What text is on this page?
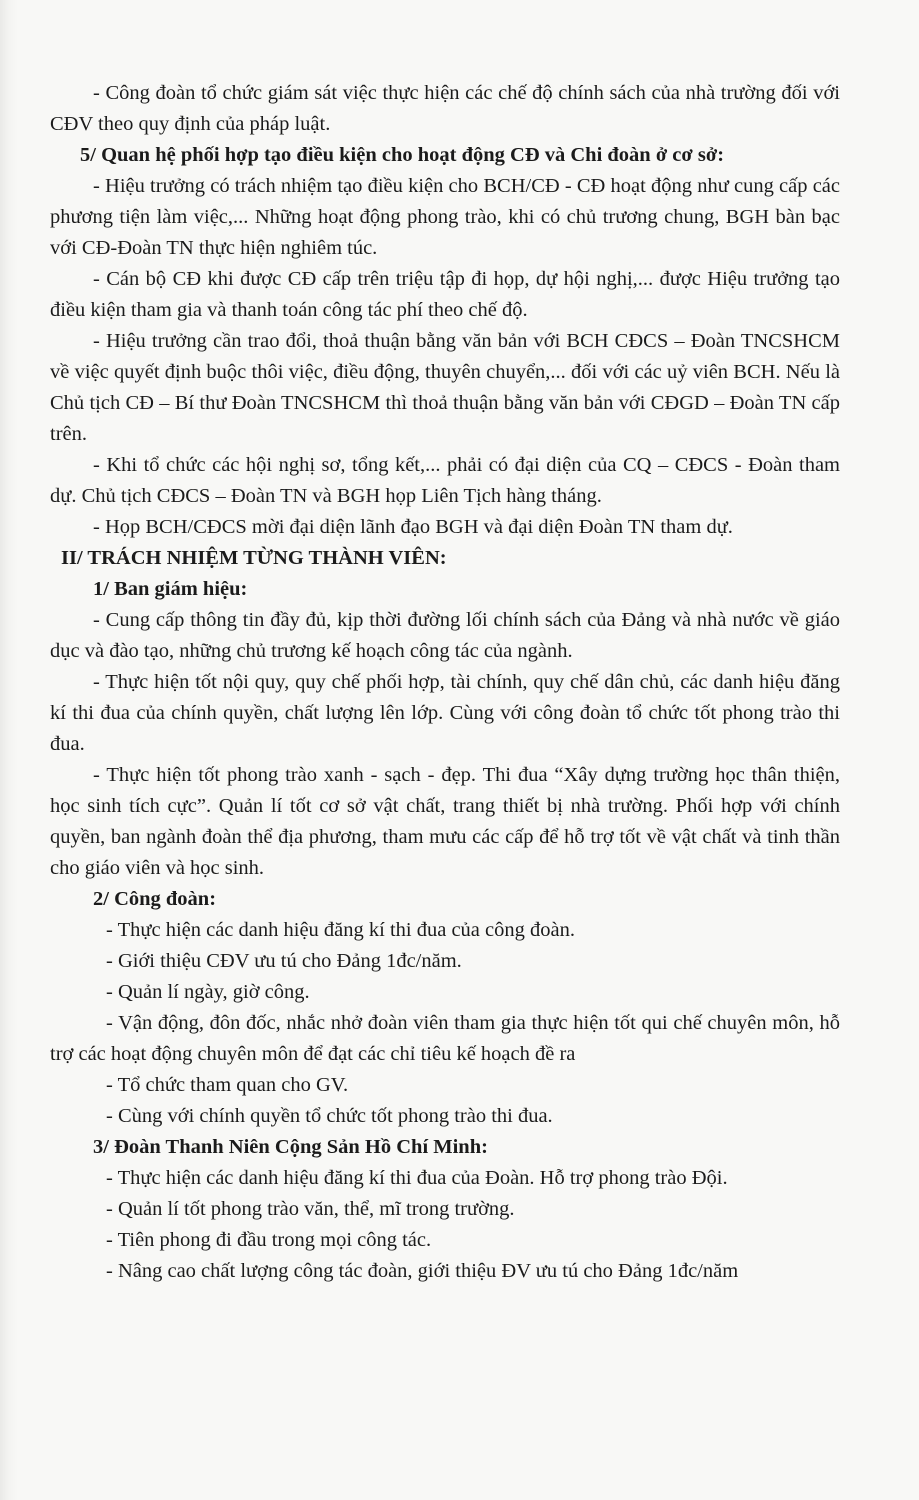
- Công đoàn tổ chức giám sát việc thực hiện các chế độ chính sách của nhà trường đối với CĐV theo quy định của pháp luật.

5/ Quan hệ phối hợp tạo điều kiện cho hoạt động CĐ và Chi đoàn ở cơ sở:

- Hiệu trưởng có trách nhiệm tạo điều kiện cho BCH/CĐ - CĐ hoạt động như cung cấp các phương tiện làm việc,... Những hoạt động phong trào, khi có chủ trương chung, BGH bàn bạc với CĐ-Đoàn TN thực hiện nghiêm túc.

- Cán bộ CĐ khi được CĐ cấp trên triệu tập đi họp, dự hội nghị,... được Hiệu trưởng tạo điều kiện tham gia và thanh toán công tác phí theo chế độ.

- Hiệu trưởng cần trao đổi, thoả thuận bằng văn bản với BCH CĐCS – Đoàn TNCSHCM về việc quyết định buộc thôi việc, điều động, thuyên chuyển,... đối với các uỷ viên BCH. Nếu là Chủ tịch CĐ – Bí thư Đoàn TNCSHCM thì thoả thuận bằng văn bản với CĐGD – Đoàn TN cấp trên.

- Khi tổ chức các hội nghị sơ, tổng kết,... phải có đại diện của CQ – CĐCS - Đoàn tham dự. Chủ tịch CĐCS – Đoàn TN và BGH họp Liên Tịch hàng tháng.

- Họp BCH/CĐCS mời đại diện lãnh đạo BGH và đại diện Đoàn TN tham dự.

II/ TRÁCH NHIỆM TỪNG THÀNH VIÊN:

1/ Ban giám hiệu:

- Cung cấp thông tin đầy đủ, kịp thời đường lối chính sách của Đảng và nhà nước về giáo dục và đào tạo, những chủ trương kế hoạch công tác của ngành.

- Thực hiện tốt nội quy, quy chế phối hợp, tài chính, quy chế dân chủ, các danh hiệu đăng kí thi đua của chính quyền, chất lượng lên lớp. Cùng với công đoàn tổ chức tốt phong trào thi đua.

- Thực hiện tốt phong trào xanh - sạch - đẹp. Thi đua “Xây dựng trường học thân thiện, học sinh tích cực”. Quản lí tốt cơ sở vật chất, trang thiết bị nhà trường. Phối hợp với chính quyền, ban ngành đoàn thể địa phương, tham mưu các cấp để hỗ trợ tốt về vật chất và tinh thần cho giáo viên và học sinh.

2/ Công đoàn:

- Thực hiện các danh hiệu đăng kí thi đua của công đoàn.

- Giới thiệu CĐV ưu tú cho Đảng 1đc/năm.

- Quản lí ngày, giờ công.

- Vận động, đôn đốc, nhắc nhở đoàn viên tham gia thực hiện tốt qui chế chuyên môn, hỗ trợ các hoạt động chuyên môn để đạt các chỉ tiêu kế hoạch đề ra

- Tổ chức tham quan cho GV.

- Cùng với chính quyền tổ chức tốt phong trào thi đua.

3/ Đoàn Thanh Niên Cộng Sản Hồ Chí Minh:

- Thực hiện các danh hiệu đăng kí thi đua của Đoàn. Hỗ trợ phong trào Đội.

- Quản lí tốt phong trào văn, thể, mĩ trong trường.

- Tiên phong đi đầu trong mọi công tác.

- Nâng cao chất lượng công tác đoàn, giới thiệu ĐV ưu tú cho Đảng 1đc/năm
